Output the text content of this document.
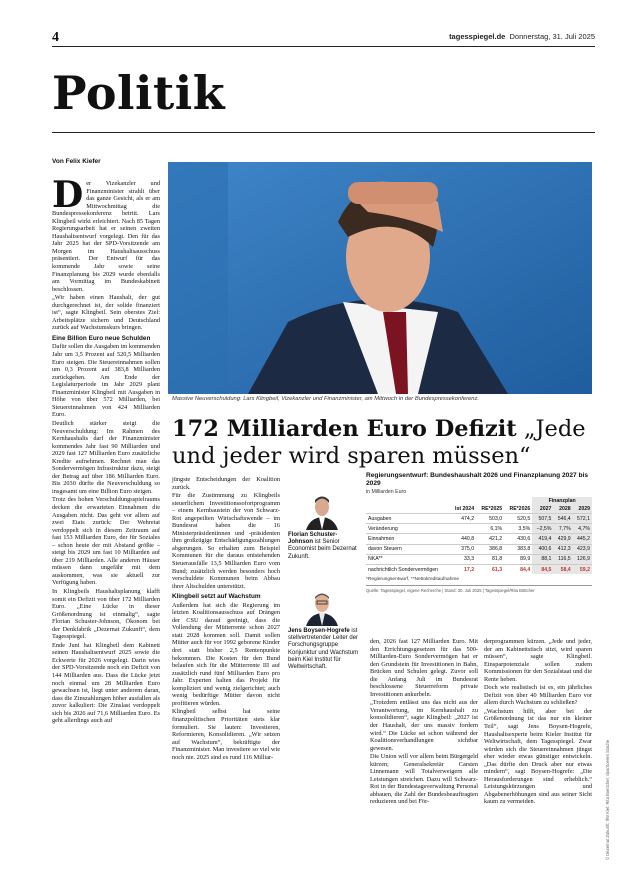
4	tagesspiegel.de Donnerstag, 31. Juli 2025
Politik
Von Felix Kiefer

Der Vizekanzler und Finanzminister strahlt über das ganze Gesicht, als er am Mittwochmittag die Bundespressekonferenz betritt. Lars Klingbeil wirkt erleichtert. Nach 85 Tagen Regierungsarbeit hat er seinen zweiten Haushaltsentwurf vorgelegt. Den für das Jahr 2025 hat der SPD-Vorsitzende am Morgen im Haushaltsausschuss präsentiert. Der Entwurf für das kommende Jahr sowie seine Finanzplanung bis 2029 wurde ebenfalls am Vormittag im Bundeskabinett beschlossen.

„Wir haben einen Haushalt, der gut durchgerechnet ist, der solide finanziert ist“, sagte Klingbeil. Sein oberstes Ziel: Arbeitsplätze sichern und Deutschland zurück auf Wachstumskurs bringen.

Eine Billion Euro neue Schulden

Dafür sollen die Ausgaben im kommenden Jahr um 3,5 Prozent auf 520,5 Milliarden Euro steigen. Die Steuereinnahmen sollen um 0,3 Prozent auf 383,8 Milliarden zurückgehen. Am Ende der Legislaturperiode im Jahr 2029 plant Finanzminister Klingbeil mit Ausgaben in Höhe von über 572 Milliarden, bei Steuereinnahmen von 424 Milliarden Euro.

Deutlich stärker steigt die Neuverschuldung: Im Rahmen des Kernhaushalts darf der Finanzminister kommendes Jahr fast 90 Milliarden und 2029 fast 127 Milliarden Euro zusätzliche Kredite aufnehmen. Rechnet man das Sondervermögen Infrastruktur dazu, steigt der Betrag auf über 186 Milliarden Euro. Bis 2030 dürfte die Neuverschuldung so insgesamt um eine Billion Euro steigen.

Trotz des hohen Verschuldungsspielraums decken die erwarteten Einnahmen die Ausgaben nicht. Das geht vor allem auf zwei Etats zurück: Der Wehretat verdoppelt sich in diesem Zeitraum auf fast 153 Milliarden Euro, der für Soziales – schon heute der mit Abstand größte – steigt bis 2029 um fast 10 Milliarden auf über 219 Milliarden. Alle anderen Häuser müssen dann ungefähr mit dem auskommen, was sie aktuell zur Verfügung haben.

In Klingbeils Haushaltsplanung klafft somit ein Defizit von über 172 Milliarden Euro. „Eine Lücke in dieser Größenordnung ist einmalig“, sagte Florian Schuster-Johnson, Ökonom bei der Denkfabrik „Dezernat Zukunft“, dem Tagesspiegel.

Ende Juni hat Klingbeil dem Kabinett seinen Haushaltsentwurf 2025 sowie die Eckwerte für 2026 vorgelegt. Darin wies der SPD-Vorsitzende noch ein Defizit von 144 Milliarden aus. Dass die Lücke jetzt noch einmal um 28 Milliarden Euro gewachsen ist, liegt unter anderem daran, dass die Zinszahlungen höher ausfallen als zuvor kalkuliert: Die Zinslast verdoppelt sich bis 2026 auf 71,6 Milliarden Euro. Es geht allerdings auch auf

Massive Neuverschuldung: Lars Klingbeil, Vizekanzler und Finanzminister, am Mittwoch in der Bundespressekonferenz.
© Dezernat Zukunft; IfW Kiel; Rita Boettcher; dpa/Soeren Stache
172 Milliarden Euro Defizit „Jede und jeder wird sparen müssen“

jüngste Entscheidungen der Koalition zurück.

Für die Zustimmung zu Klingbeils steuerlichem Investitionssofortprogramm – einem Kernbaustein der von Schwarz-Rot angepeilten Wirtschaftswende – im Bundesrat haben die 16 Ministerpräsidentinnen und -präsidenten ihm großzügige Entschädigungszahlungen abgerungen. So erhalten zum Beispiel Kommunen für die daraus entstehenden Steuerausfälle 13,5 Milliarden Euro vom Bund; zusätzlich werden besonders hoch verschuldete Kommunen beim Abbau ihrer Altschulden unterstützt.

Klingbeil setzt auf Wachstum

Außerdem hat sich die Regierung im letzten Koalitionsausschuss auf Drängen der CSU darauf geeinigt, dass die Vollendung der Mütterrente schon 2027 statt 2028 kommen soll. Damit sollen Mütter auch für vor 1992 geborene Kinder drei statt bisher 2,5 Rentenpunkte bekommen. Die Kosten für den Bund belaufen sich für die Mütterrente III auf zusätzlich rund fünf Milliarden Euro pro Jahr. Experten halten das Projekt für kompliziert und wenig zielgerichtet; auch wenig bedürftige Mütter davon nicht profitieren würden.

Klingbeil selbst hat seine finanzpolitischen Prioritäten stets klar formuliert. Sie lauten: Investieren, Reformieren, Konsolidieren. „Wir setzen auf Wachstum“, bekräftigte der Finanzminister. Man investiere so viel wie noch nie. 2025 sind es rund 116 Milliar-

Florian Schuster-Johnson ist Senior Economist beim Dezernat Zukunft.
Jens Boysen-Hogrefe ist stellvertretender Leiter der Forschungsgruppe Konjunktur und Wachstum beim Kiel Institut für Weltwirtschaft.
Regierungsentwurf: Bundeshaushalt 2026 und Finanzplanung 2027 bis 2029
in Milliarden Euro
				Finanzplan		
	Ist 2024	RE*2025	RE*2026	2027	2028	2029
Ausgaben	474,2	503,0	520,5	507,5	546,4	572,1
Veränderung		6,1%	3,5%	–2,5%	7,7%	4,7%
Einnahmen	440,8	421,2	430,6	419,4	429,9	445,2
davon Steuern	375,0	386,8	383,8	400,6	412,3	423,9
NKA**	33,3	81,8	89,9	88,1	116,5	126,9
nachrichtlich Sondervermögen	17,2	61,3	84,4	84,5	58,4	59,2
*Regierungsentwurf, **Nettokreditaufnahme
Quelle: Tagesspiegel, eigene Recherche | Stand: 30. Juli 2025 | Tagesspiegel/Rita Böttcher

den, 2026 fast 127 Milliarden Euro. Mit den Errichtungsgesetzen für das 500-Milliarden-Euro Sondervermögen hat er den Grundstein für Investitionen in Bahn, Brücken und Schulen gelegt. Zuvor soll die Anfang Juli im Bundesrat beschlossene Steuerreform private Investitionen ankurbeln.

„Trotzdem entlässt uns das nicht aus der Verantwortung, im Kernhaushalt zu konsolidieren“, sagte Klingbeil: „2027 ist der Haushalt, der uns massiv fordern wird.“ Die Lücke sei schon während der Koalitionsverhandlungen sichtbar gewesen.

Die Union will vor allem beim Bürgergeld kürzen; Generalsekretär Carsten Linnemann will Totalverweigern alle Leistungen streichen. Dazu will Schwarz-Rot in der Bundestagsverwaltung Personal abbauen, die Zahl der Bundesbeauftragten reduzieren und bei För-

derprogrammen kürzen. „Jede und jeder, der am Kabinettstisch sitzt, wird sparen müssen“, sagte Klingbeil. Einsparpotenziale sollen zudem Kommissionen für den Sozialstaat und die Rente heben.

Doch wie realistisch ist es, ein jährliches Defizit von über 40 Milliarden Euro vor allem durch Wachstum zu schließen?

„Wachstum hilft, aber bei der Größenordnung ist das nur ein kleiner Teil“, sagt Jens Boysen-Hogrefe, Haushaltsexperte beim Kieler Institut für Weltwirtschaft, dem Tagesspiegel. Zwar würden sich die Steuereinnahmen jüngst eher wieder etwas günstiger entwickeln. „Das dürfte den Druck aber nur etwas mindern“, sagt Boysen-Hogrefe: „Die Herausforderungen sind erheblich.“ Leistungskürzungen und Abgabenerhöhungen sind aus seiner Sicht kaum zu vermeiden.
